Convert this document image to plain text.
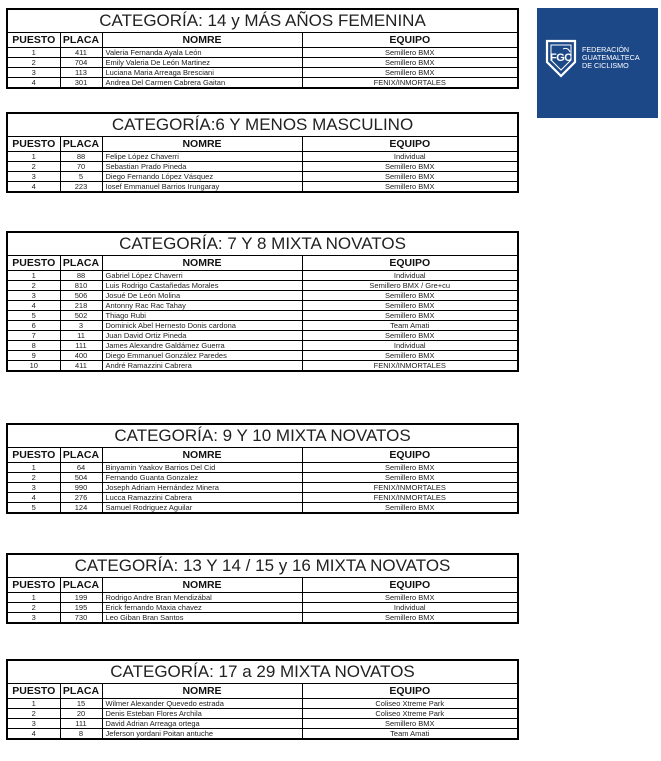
FGC
FEDERACIÓN
GUATEMALTECA
DE CICLISMO
CATEGORÍA: 14 y MÁS AÑOS FEMENINA			
PUESTO	PLACA	NOMRE	EQUIPO
1	411	Valeria Fernanda Ayala León	Semillero BMX
2	704	Emily Valeria De León Martinez	Semillero BMX
3	113	Luciana Maria Arreaga Bresciani	Semillero BMX
4	301	Andrea Del Carmen Cabrera Gaitan	FENIX/INMORTALES
CATEGORÍA:6 Y MENOS MASCULINO			
PUESTO	PLACA	NOMRE	EQUIPO
1	88	Felipe López Chaverri	Individual
2	70	Sebastian Prado Pineda	Semillero BMX
3	5	Diego Fernando López Vásquez	Semillero BMX
4	223	Iosef Emmanuel Barrios Irungaray	Semillero BMX
CATEGORÍA: 7 Y 8 MIXTA NOVATOS			
PUESTO	PLACA	NOMRE	EQUIPO
1	88	Gabriel López Chaverri	Individual
2	810	Luis Rodrigo Castañedas Morales	Semillero BMX / Gre+cu
3	506	Josué De León Molina	Semillero BMX
4	218	Antonny Rac Rac Tahay	Semillero BMX
5	502	Thiago Rubi	Semillero BMX
6	3	Dominick Abel Hernesto Donis cardona	Team Amati
7	11	Juan David Ortiz Pineda	Semillero BMX
8	111	James Alexandre Galdámez Guerra	Individual
9	400	Diego Emmanuel González Paredes	Semillero BMX
10	411	André Ramazzini Cabrera	FENIX/INMORTALES
CATEGORÍA: 9 Y 10 MIXTA NOVATOS			
PUESTO	PLACA	NOMRE	EQUIPO
1	64	Binyamin Yaakov Barrios Del Cid	Semillero BMX
2	504	Fernando Guanta Gonzalez	Semillero BMX
3	990	Joseph Adriam Hernández Minera	FENIX/INMORTALES
4	276	Lucca Ramazzini Cabrera	FENIX/INMORTALES
5	124	Samuel Rodriguez Aguilar	Semillero BMX
CATEGORÍA: 13 Y 14 / 15 y 16 MIXTA NOVATOS			
PUESTO	PLACA	NOMRE	EQUIPO
1	199	Rodrigo Andre Bran Mendizábal	Semillero BMX
2	195	Erick fernando Maxia chavez	Individual
3	730	Leo Giban Bran Santos	Semillero BMX
CATEGORÍA: 17 a 29 MIXTA NOVATOS			
PUESTO	PLACA	NOMRE	EQUIPO
1	15	Wilmer Alexander Quevedo estrada	Coliseo Xtreme Park
2	20	Denis Esteban Flores Archila	Coliseo Xtreme Park
3	111	David Adrian Arreaga ortega	Semillero BMX
4	8	Jeferson yordani Poitan antuche	Team Amati
